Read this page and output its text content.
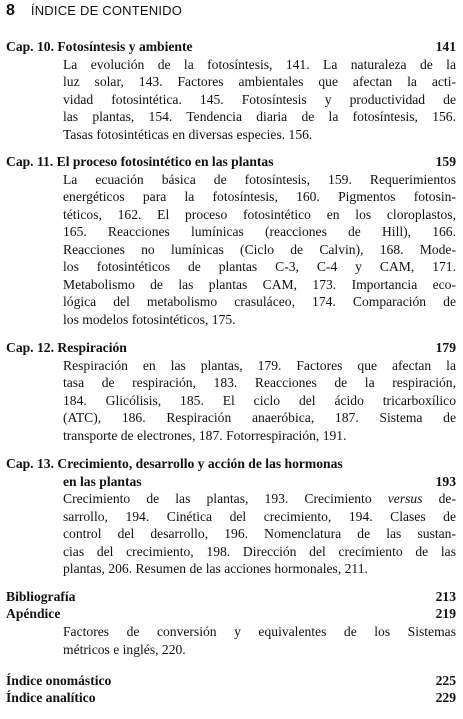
8 ÍNDICE DE CONTENIDO
Cap. 10. Fotosíntesis y ambiente	141
La evolución de la fotosíntesis, 141. La naturaleza de la
luz solar, 143. Factores ambientales que afectan la acti-
vidad fotosintética. 145. Fotosíntesis y productividad de
las plantas, 154. Tendencia diaria de la fotosíntesis, 156.
Tasas fotosintéticas en diversas especies. 156.
Cap. 11. El proceso fotosintético en las plantas	159
La ecuación básica de fotosíntesis, 159. Requerimientos
energéticos para la fotosíntesis, 160. Pigmentos fotosin-
téticos, 162. El proceso fotosintético en los cloroplastos,
165. Reacciones lumínicas (reacciones de Hill), 166.
Reacciones no lumínicas (Ciclo de Calvin), 168. Mode-
los fotosintéticos de plantas C-3, C-4 y CAM, 171.
Metabolismo de las plantas CAM, 173. Importancia eco-
lógica del metabolismo crasuláceo, 174. Comparación de
los modelos fotosintéticos, 175.
Cap. 12. Respiración	179
Respiración en las plantas, 179. Factores que afectan la
tasa de respiración, 183. Reacciones de la respiración,
184. Glicólisis, 185. El ciclo del ácido tricarboxílico
(ATC), 186. Respiración anaeróbica, 187. Sistema de
transporte de electrones, 187. Fotorrespiración, 191.
Cap. 13. Crecimiento, desarrollo y acción de las hormonas
en las plantas	193
Crecimiento de las plantas, 193. Crecimiento versus de-
sarrollo, 194. Cinética del crecimiento, 194. Clases de
control del desarrollo, 196. Nomenclatura de las sustan-
cias del crecimiento, 198. Dirección del crecimiento de las
plantas, 206. Resumen de las acciones hormonales, 211.
Bibliografía	213
Apéndice	219
Factores de conversión y equivalentes de los Sistemas
métricos e inglés, 220.
Índice onomástico	225
Índice analítico	229
